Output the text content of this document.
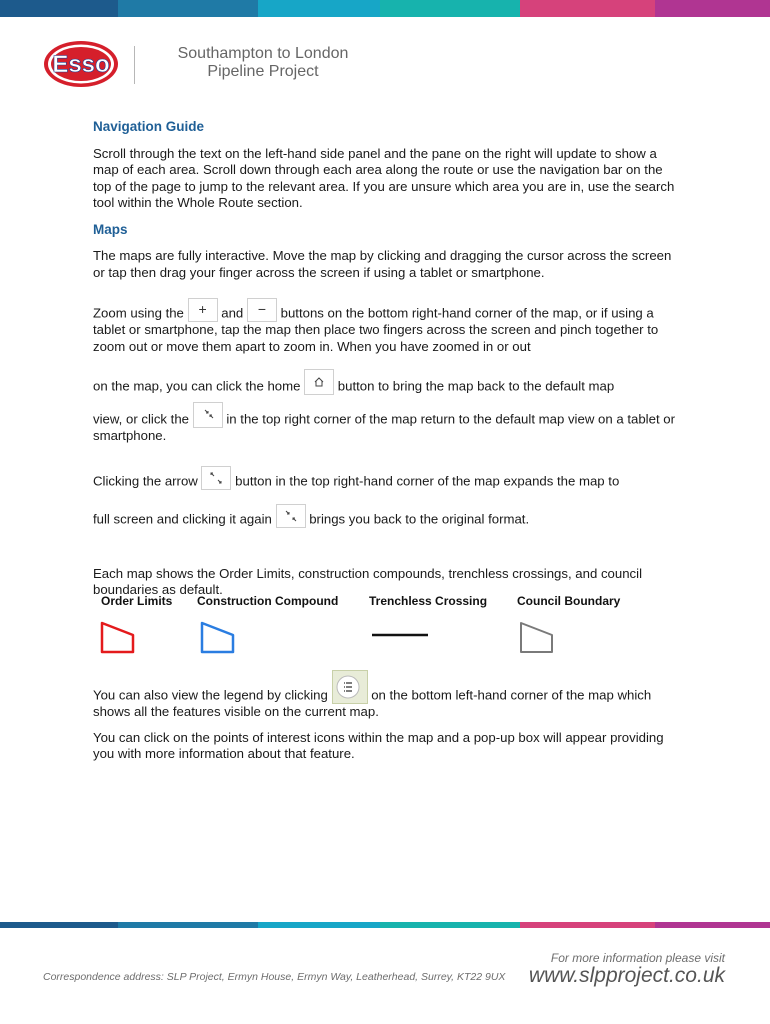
Esso	Southampton to London
Pipeline Project
Navigation Guide

Scroll through the text on the left-hand side panel and the pane on the right will update to show a map of each area. Scroll down through each area along the route or use the navigation bar on the top of the page to jump to the relevant area. If you are unsure which area you are in, use the search tool within the Whole Route section.

Maps

The maps are fully interactive. Move the map by clicking and dragging the cursor across the screen or tap then drag your finger across the screen if using a tablet or smartphone.

Zoom using the	+	and	−	buttons on the bottom right-hand corner of the map, or if using a tablet or smartphone, tap the map then place two fingers across the screen and pinch together to zoom out or move them apart to zoom in. When you have zoomed in or out

on the map, you can click the home	button to bring the map back to the default map

view, or click the	in the top right corner of the map return to the default map view on a tablet or smartphone.

Clicking the arrow	button in the top right-hand corner of the map expands the map to

full screen and clicking it again	brings you back to the original format.

Each map shows the Order Limits, construction compounds, trenchless crossings, and council boundaries as default.

Order Limits Construction Compound	Trenchless Crossing Council Boundary

You can also view the legend by clicking	on the bottom left-hand corner of the map which shows all the features visible on the current map.

You can click on the points of interest icons within the map and a pop-up box will appear providing you with more information about that feature.

Correspondence address: SLP Project, Ermyn House, Ermyn Way, Leatherhead, Surrey, KT22 9UX
For more information please visit
www.slpproject.co.uk
